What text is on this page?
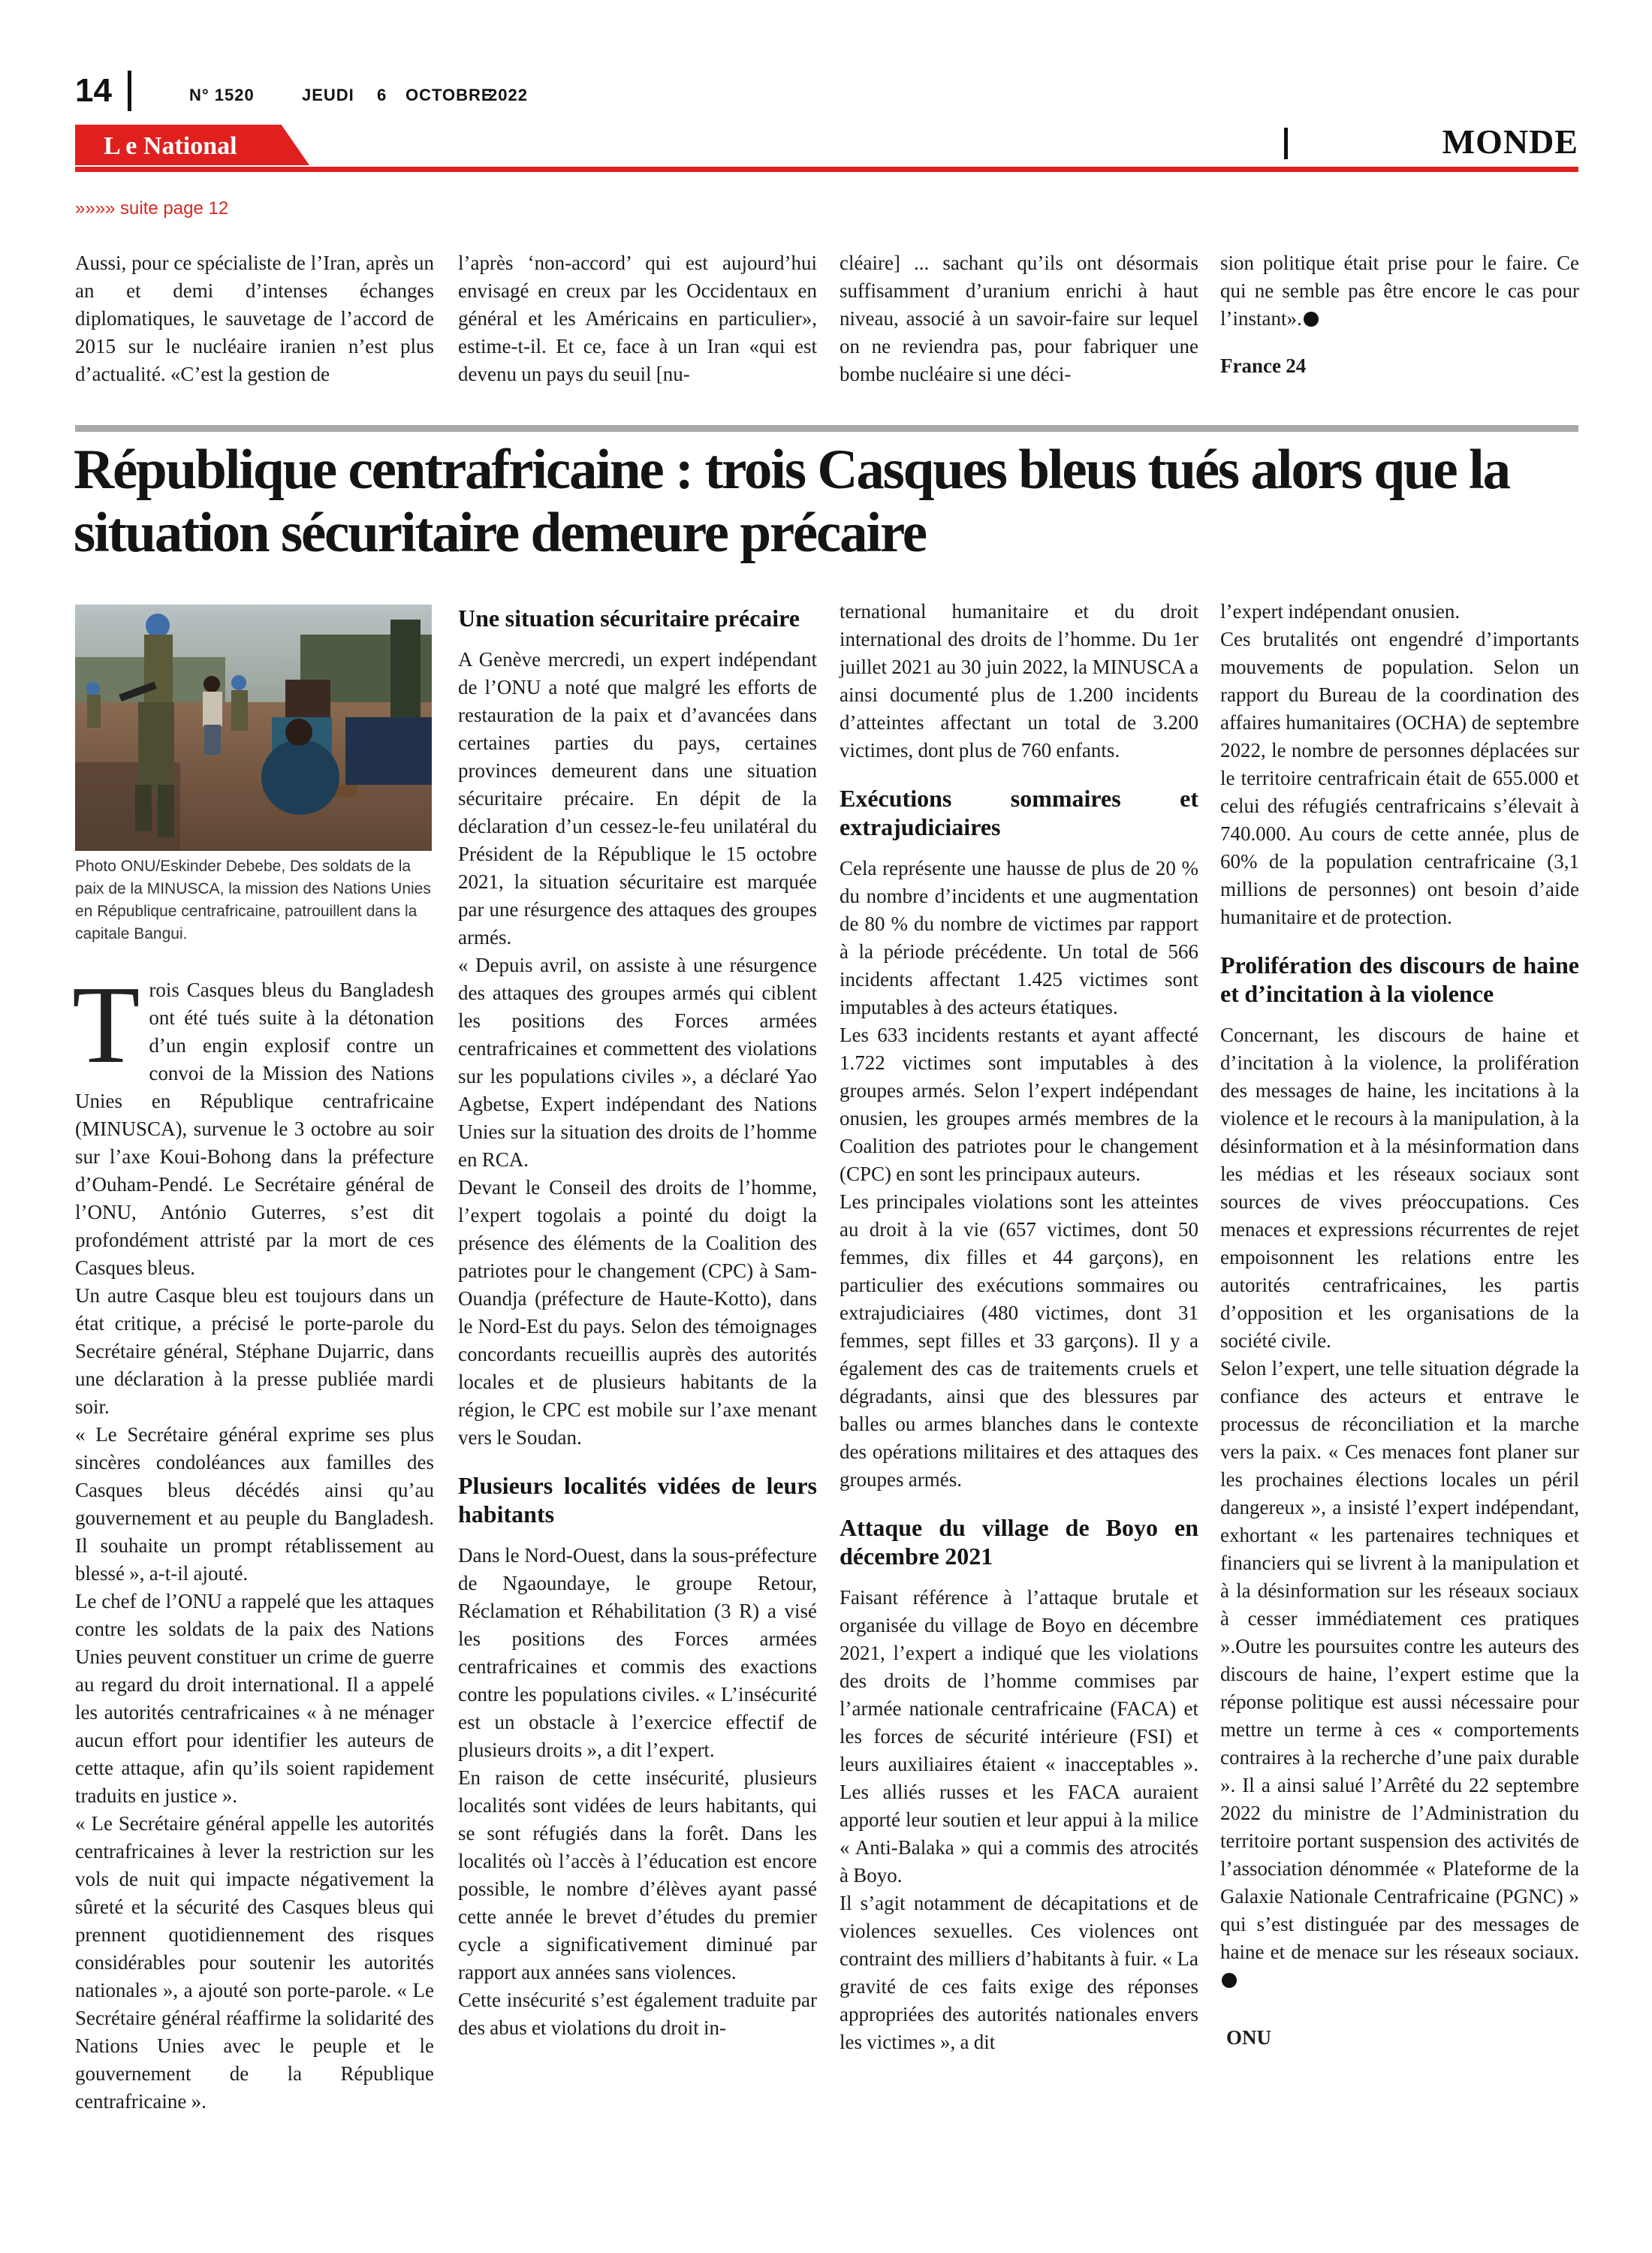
14	N° 1520	JEUDI 6 OCTOBRE
2022
L e National	MONDE
»»»» suite page 12

Aussi, pour ce spécialiste de l’Iran, après un an et demi d’intenses échanges diplomatiques, le sauvetage de l’accord de 2015 sur le nucléaire iranien n’est plus d’actualité. «C’est la gestion de

l’après ‘non-accord’ qui est aujourd’hui envisagé en creux par les Occidentaux en général et les Américains en particulier», estime-t-il. Et ce, face à un Iran «qui est devenu un pays du seuil [nu-

cléaire] ... sachant qu’ils ont désormais suffisamment d’uranium enrichi à haut niveau, associé à un savoir-faire sur lequel on ne reviendra pas, pour fabriquer une bombe nucléaire si une déci-

sion politique était prise pour le faire. Ce qui ne semble pas être encore le cas pour l’instant».

France 24

République centrafricaine : trois Casques bleus tués alors que la situation sécuritaire demeure précaire
Photo ONU/Eskinder Debebe, Des soldats de la paix de la MINUSCA, la mission des Nations Unies en République centrafricaine, patrouillent dans la capitale Bangui.

Trois Casques bleus du Bangladesh ont été tués suite à la détonation d’un engin explosif contre un convoi de la Mission des Nations Unies en République centrafricaine (MINUSCA), survenue le 3 octobre au soir sur l’axe Koui-Bohong dans la préfecture d’Ouham-Pendé. Le Secrétaire général de l’ONU, António Guterres, s’est dit profondément attristé par la mort de ces Casques bleus.

Un autre Casque bleu est toujours dans un état critique, a précisé le porte-parole du Secrétaire général, Stéphane Dujarric, dans une déclaration à la presse publiée mardi soir.

« Le Secrétaire général exprime ses plus sincères condoléances aux familles des Casques bleus décédés ainsi qu’au gouvernement et au peuple du Bangladesh. Il souhaite un prompt rétablissement au blessé », a-t-il ajouté.

Le chef de l’ONU a rappelé que les attaques contre les soldats de la paix des Nations Unies peuvent constituer un crime de guerre au regard du droit international. Il a appelé les autorités centrafricaines « à ne ménager aucun effort pour identifier les auteurs de cette attaque, afin qu’ils soient rapidement traduits en justice ».

« Le Secrétaire général appelle les autorités centrafricaines à lever la restriction sur les vols de nuit qui impacte négativement la sûreté et la sécurité des Casques bleus qui prennent quotidiennement des risques considérables pour soutenir les autorités nationales », a ajouté son porte-parole. « Le Secrétaire général réaffirme la solidarité des Nations Unies avec le peuple et le gouvernement de la République centrafricaine ».

Une situation sécuritaire précaire

A Genève mercredi, un expert indépendant de l’ONU a noté que malgré les efforts de restauration de la paix et d’avancées dans certaines parties du pays, certaines provinces demeurent dans une situation sécuritaire précaire. En dépit de la déclaration d’un cessez-le-feu unilatéral du Président de la République le 15 octobre 2021, la situation sécuritaire est marquée par une résurgence des attaques des groupes armés.

« Depuis avril, on assiste à une résurgence des attaques des groupes armés qui ciblent les positions des Forces armées centrafricaines et commettent des violations sur les populations civiles », a déclaré Yao Agbetse, Expert indépendant des Nations Unies sur la situation des droits de l’homme en RCA.

Devant le Conseil des droits de l’homme, l’expert togolais a pointé du doigt la présence des éléments de la Coalition des patriotes pour le changement (CPC) à Sam-Ouandja (préfecture de Haute-Kotto), dans le Nord-Est du pays. Selon des témoignages concordants recueillis auprès des autorités locales et de plusieurs habitants de la région, le CPC est mobile sur l’axe menant vers le Soudan.

Plusieurs localités vidées de leurs habitants

Dans le Nord-Ouest, dans la sous-préfecture de Ngaoundaye, le groupe Retour, Réclamation et Réhabilitation (3 R) a visé les positions des Forces armées centrafricaines et commis des exactions contre les populations civiles. « L’insécurité est un obstacle à l’exercice effectif de plusieurs droits », a dit l’expert.

En raison de cette insécurité, plusieurs localités sont vidées de leurs habitants, qui se sont réfugiés dans la forêt. Dans les localités où l’accès à l’éducation est encore possible, le nombre d’élèves ayant passé cette année le brevet d’études du premier cycle a significativement diminué par rapport aux années sans violences.

Cette insécurité s’est également traduite par des abus et violations du droit in-

ternational humanitaire et du droit international des droits de l’homme. Du 1er juillet 2021 au 30 juin 2022, la MINUSCA a ainsi documenté plus de 1.200 incidents d’atteintes affectant un total de 3.200 victimes, dont plus de 760 enfants.

Exécutions sommaires et extrajudiciaires

Cela représente une hausse de plus de 20 % du nombre d’incidents et une augmentation de 80 % du nombre de victimes par rapport à la période précédente. Un total de 566 incidents affectant 1.425 victimes sont imputables à des acteurs étatiques.

Les 633 incidents restants et ayant affecté 1.722 victimes sont imputables à des groupes armés. Selon l’expert indépendant onusien, les groupes armés membres de la Coalition des patriotes pour le changement (CPC) en sont les principaux auteurs.

Les principales violations sont les atteintes au droit à la vie (657 victimes, dont 50 femmes, dix filles et 44 garçons), en particulier des exécutions sommaires ou extrajudiciaires (480 victimes, dont 31 femmes, sept filles et 33 garçons). Il y a également des cas de traitements cruels et dégradants, ainsi que des blessures par balles ou armes blanches dans le contexte des opérations militaires et des attaques des groupes armés.

Attaque du village de Boyo en décembre 2021

Faisant référence à l’attaque brutale et organisée du village de Boyo en décembre 2021, l’expert a indiqué que les violations des droits de l’homme commises par l’armée nationale centrafricaine (FACA) et les forces de sécurité intérieure (FSI) et leurs auxiliaires étaient « inacceptables ». Les alliés russes et les FACA auraient apporté leur soutien et leur appui à la milice « Anti-Balaka » qui a commis des atrocités à Boyo.

Il s’agit notamment de décapitations et de violences sexuelles. Ces violences ont contraint des milliers d’habitants à fuir. « La gravité de ces faits exige des réponses appropriées des autorités nationales envers les victimes », a dit

l’expert indépendant onusien.

Ces brutalités ont engendré d’importants mouvements de population. Selon un rapport du Bureau de la coordination des affaires humanitaires (OCHA) de septembre 2022, le nombre de personnes déplacées sur le territoire centrafricain était de 655.000 et celui des réfugiés centrafricains s’élevait à 740.000. Au cours de cette année, plus de 60% de la population centrafricaine (3,1 millions de personnes) ont besoin d’aide humanitaire et de protection.

Prolifération des discours de haine et d’incitation à la violence

Concernant, les discours de haine et d’incitation à la violence, la prolifération des messages de haine, les incitations à la violence et le recours à la manipulation, à la désinformation et à la mésinformation dans les médias et les réseaux sociaux sont sources de vives préoccupations. Ces menaces et expressions récurrentes de rejet empoisonnent les relations entre les autorités centrafricaines, les partis d’opposition et les organisations de la société civile.

Selon l’expert, une telle situation dégrade la confiance des acteurs et entrave le processus de réconciliation et la marche vers la paix. « Ces menaces font planer sur les prochaines élections locales un péril dangereux », a insisté l’expert indépendant, exhortant « les partenaires techniques et financiers qui se livrent à la manipulation et à la désinformation sur les réseaux sociaux à cesser immédiatement ces pratiques ».Outre les poursuites contre les auteurs des discours de haine, l’expert estime que la réponse politique est aussi nécessaire pour mettre un terme à ces « comportements contraires à la recherche d’une paix durable ». Il a ainsi salué l’Arrêté du 22 septembre 2022 du ministre de l’Administration du territoire portant suspension des activités de l’association dénommée « Plateforme de la Galaxie Nationale Centrafricaine (PGNC) » qui s’est distinguée par des messages de haine et de menace sur les réseaux sociaux.

ONU
